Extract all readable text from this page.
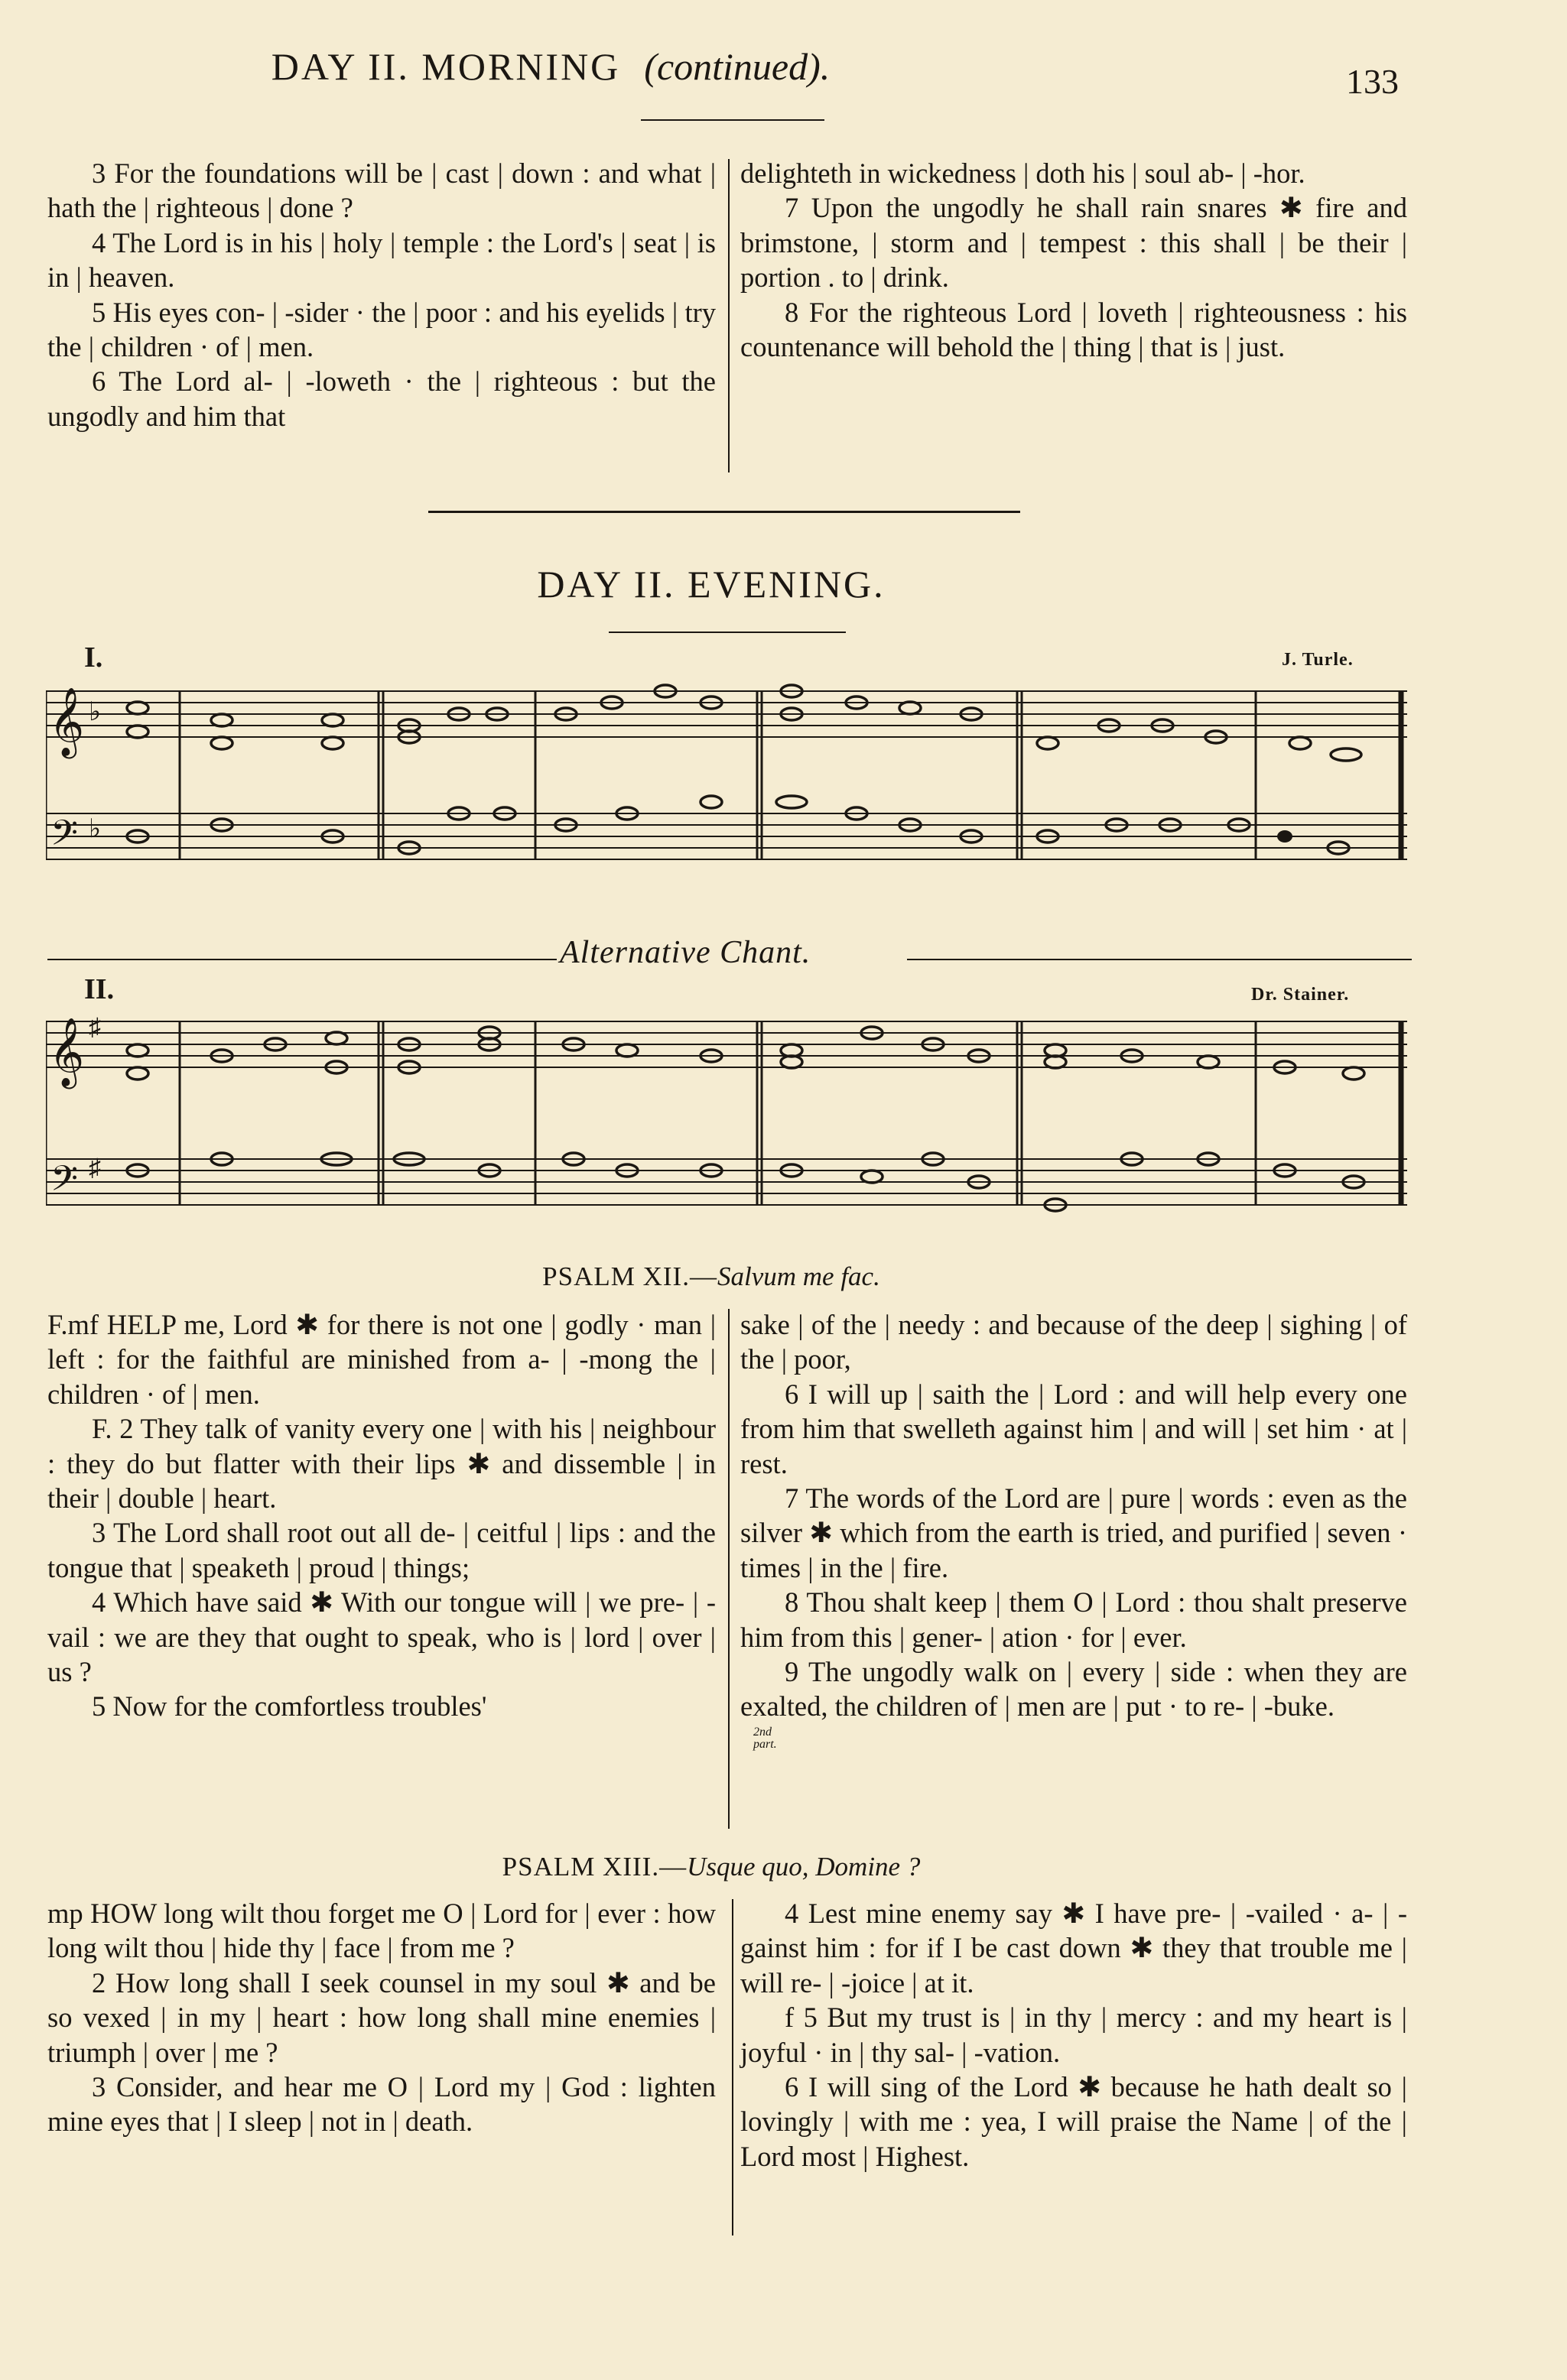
DAY II. MORNING (continued).	133

3 For the foundations will be | cast | down : and what | hath the | righteous | done ?

4 The Lord is in his | holy | temple : the Lord's | seat | is in | heaven.

5 His eyes con- | -sider · the | poor : and his eyelids | try the | children · of | men.

6 The Lord al- | -loweth · the | righteous : but the ungodly and him that

delighteth in wickedness | doth his | soul ab- | -hor.

7 Upon the ungodly he shall rain snares ✱ fire and brimstone, | storm and | tempest : this shall | be their | portion . to | drink.

8 For the righteous Lord | loveth | righteousness : his countenance will behold the | thing | that is | just.

DAY II. EVENING.
I.	J. Turle.
𝄞
𝄢
♭
♭
Alternative Chant.
II.	Dr. Stainer.
𝄞
𝄢
♯
♯
PSALM XII.—Salvum me fac.

F.mf HELP me, Lord ✱ for there is not one | godly · man | left : for the faithful are minished from a- | -mong the | children · of | men.

F. 2 They talk of vanity every one | with his | neighbour : they do but flatter with their lips ✱ and dissemble | in their | double | heart.

3 The Lord shall root out all de- | ceitful | lips : and the tongue that | speaketh | proud | things;

4 Which have said ✱ With our tongue will | we pre- | -vail : we are they that ought to speak, who is | lord | over | us ?

5 Now for the comfortless troubles'

sake | of the | needy : and because of the deep | sighing | of the | poor,

6 I will up | saith the | Lord : and will help every one from him that swelleth against him | and will | set him · at | rest.

7 The words of the Lord are | pure | words : even as the silver ✱ which from the earth is tried, and purified | seven · times | in the | fire.

8 Thou shalt keep | them O | Lord : thou shalt preserve him from this | gener- | ation · for | ever.

9 The ungodly walk on | every | side : when they are exalted, the children of | men are | put · to re- | -buke.

2nd part.
PSALM XIII.—Usque quo, Domine ?

mp HOW long wilt thou forget me O | Lord for | ever : how long wilt thou | hide thy | face | from me ?

2 How long shall I seek counsel in my soul ✱ and be so vexed | in my | heart : how long shall mine enemies | triumph | over | me ?

3 Consider, and hear me O | Lord my | God : lighten mine eyes that | I sleep | not in | death.

4 Lest mine enemy say ✱ I have pre- | -vailed · a- | -gainst him : for if I be cast down ✱ they that trouble me | will re- | -joice | at it.

f 5 But my trust is | in thy | mercy : and my heart is | joyful · in | thy sal- | -vation.

6 I will sing of the Lord ✱ because he hath dealt so | lovingly | with me : yea, I will praise the Name | of the | Lord most | Highest.
